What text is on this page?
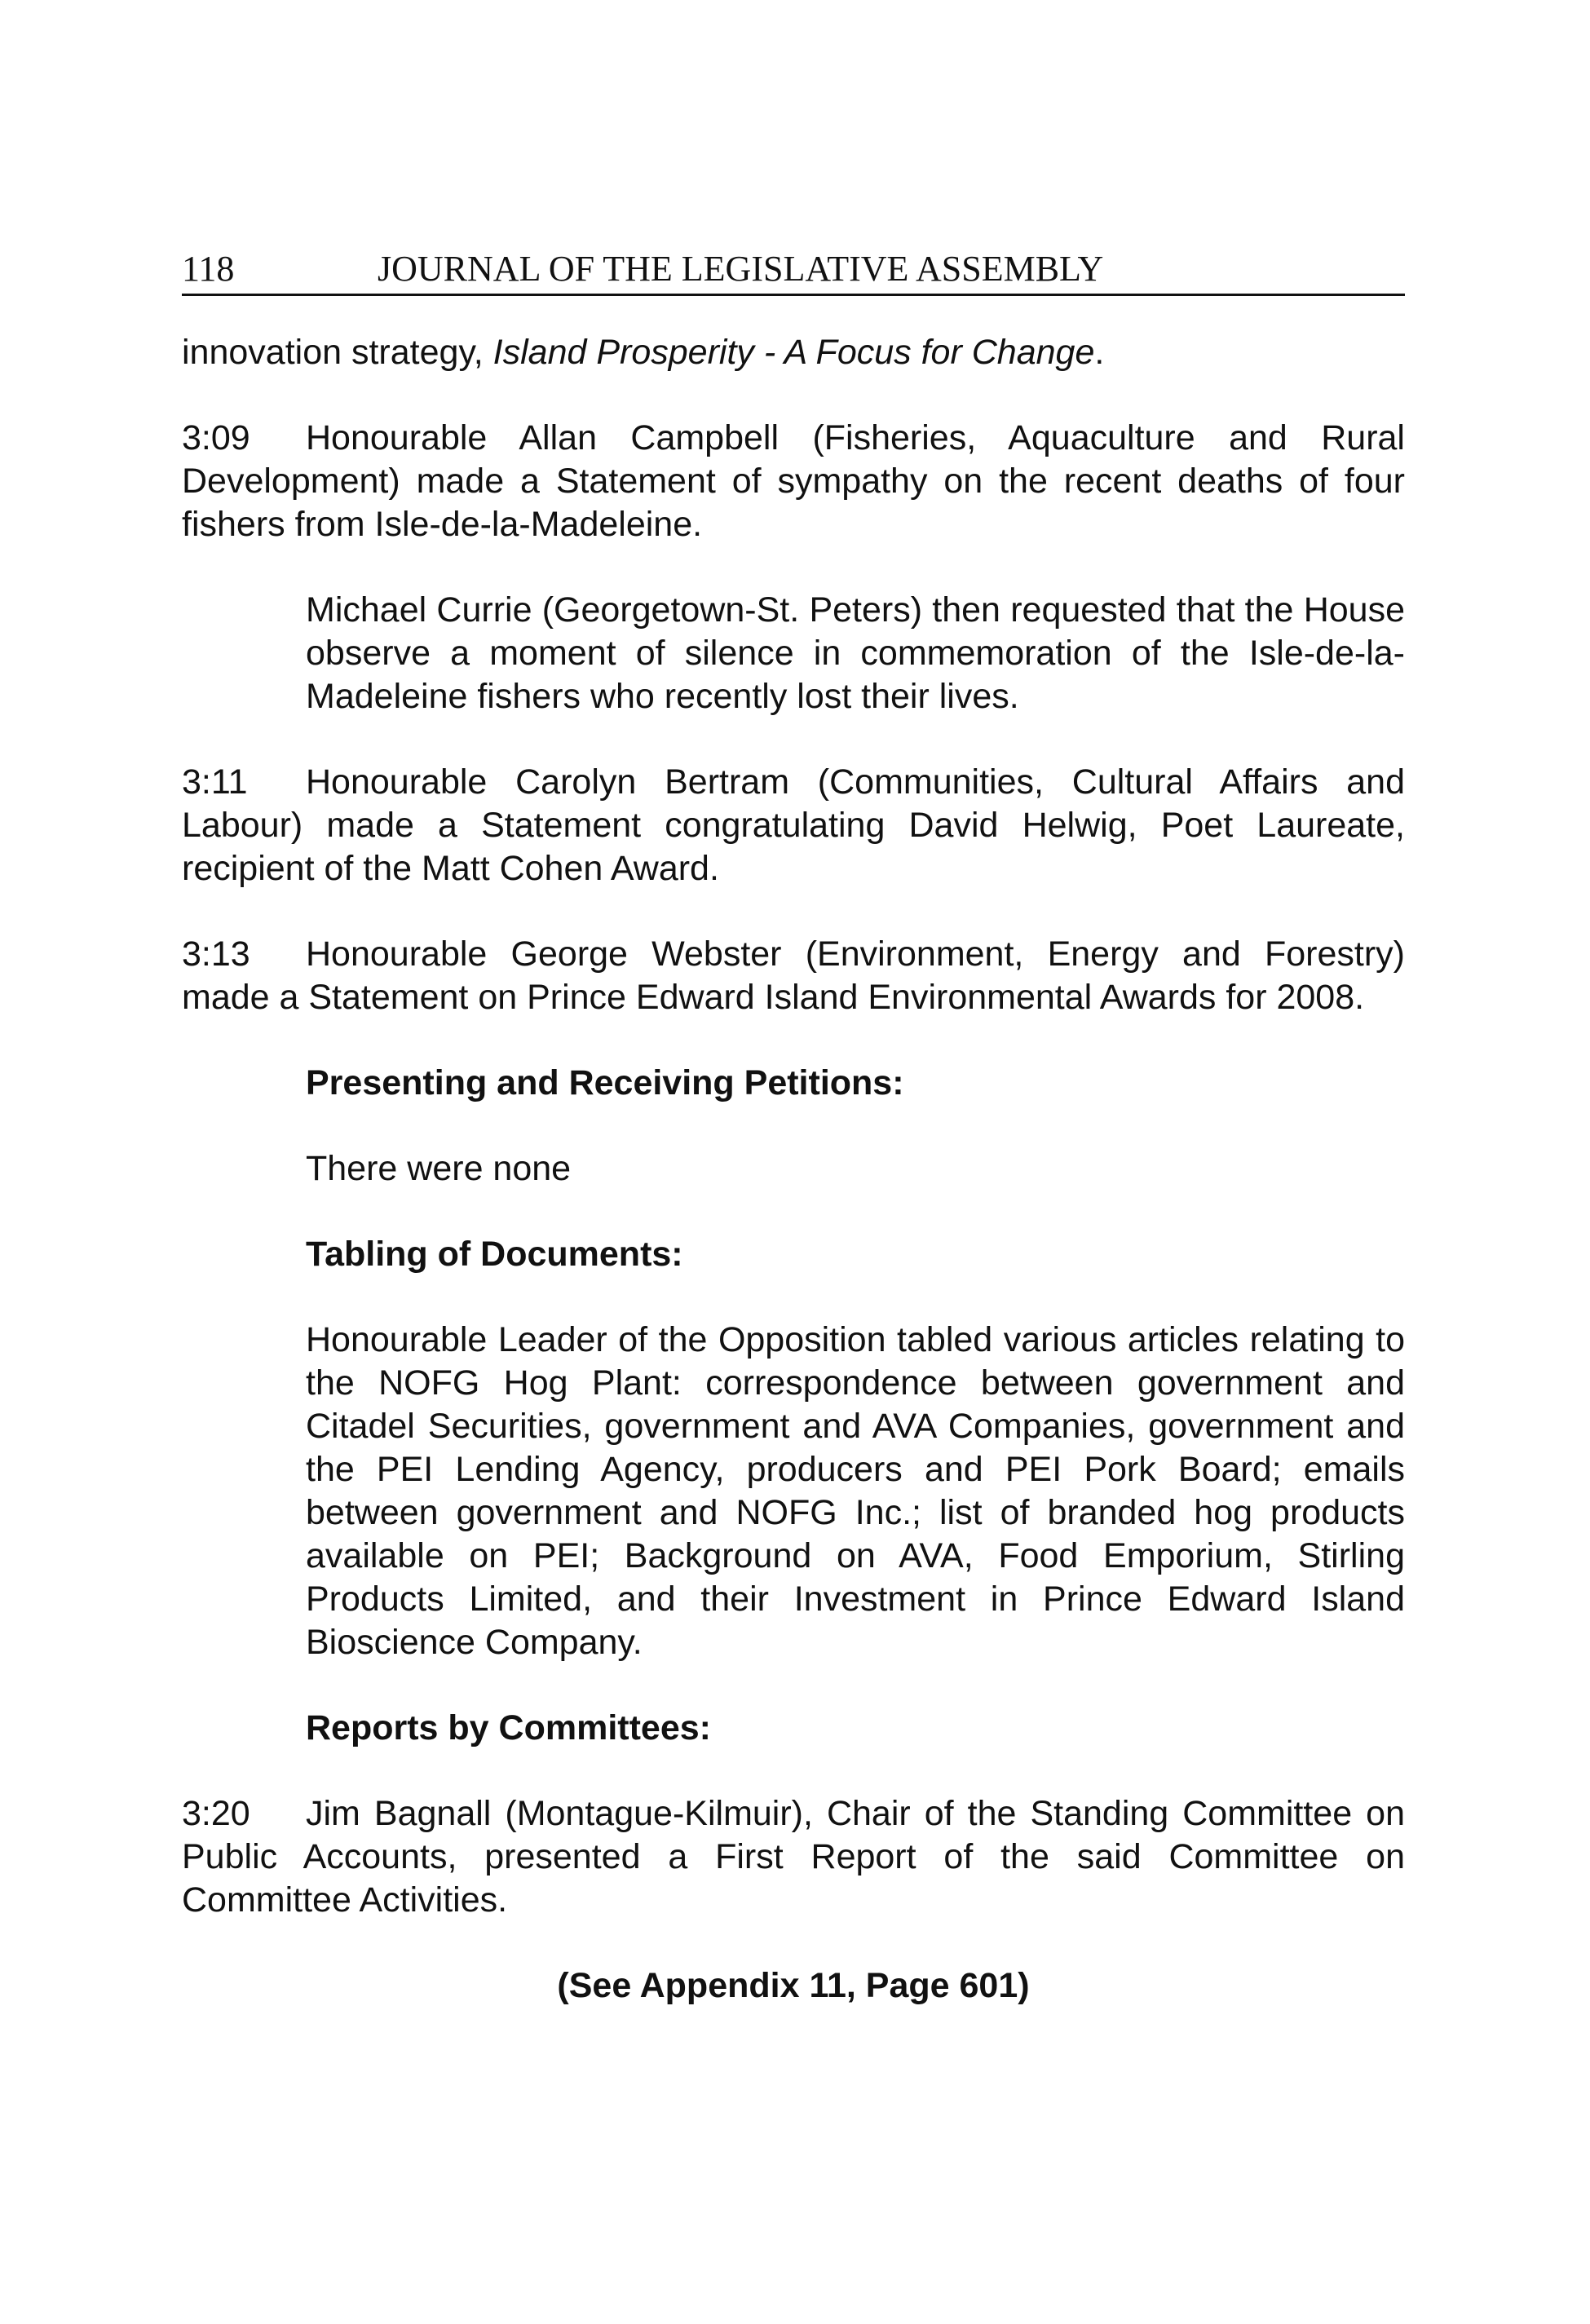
118	JOURNAL OF THE LEGISLATIVE ASSEMBLY

innovation strategy, Island Prosperity - A Focus for Change.

3:09 Honourable Allan Campbell (Fisheries, Aquaculture and Rural Development) made a Statement of sympathy on the recent deaths of four fishers from Isle-de-la-Madeleine.

Michael Currie (Georgetown-St. Peters) then requested that the House observe a moment of silence in commemoration of the Isle-de-la-Madeleine fishers who recently lost their lives.

3:11 Honourable Carolyn Bertram (Communities, Cultural Affairs and Labour) made a Statement congratulating David Helwig, Poet Laureate, recipient of the Matt Cohen Award.

3:13 Honourable George Webster (Environment, Energy and Forestry) made a Statement on Prince Edward Island Environmental Awards for 2008.

Presenting and Receiving Petitions:

There were none

Tabling of Documents:

Honourable Leader of the Opposition tabled various articles relating to the NOFG Hog Plant: correspondence between government and Citadel Securities, government and AVA Companies, government and the PEI Lending Agency, producers and PEI Pork Board; emails between government and NOFG Inc.; list of branded hog products available on PEI; Background on AVA, Food Emporium, Stirling Products Limited, and their Investment in Prince Edward Island Bioscience Company.

Reports by Committees:

3:20 Jim Bagnall (Montague-Kilmuir), Chair of the Standing Committee on Public Accounts, presented a First Report of the said Committee on Committee Activities.

(See Appendix 11, Page 601)
